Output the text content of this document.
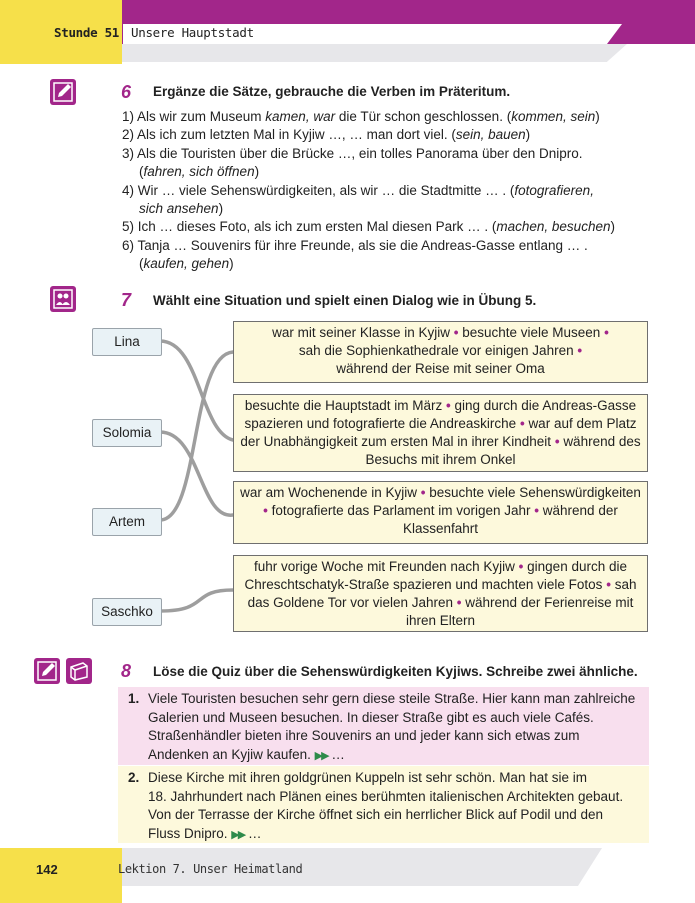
Stunde 51 Unsere Hauptstadt
6 Ergänze die Sätze, gebrauche die Verben im Präteritum.
1) Als wir zum Museum kamen, war die Tür schon geschlossen. (kommen, sein)
2) Als ich zum letzten Mal in Kyjiw …, … man dort viel. (sein, bauen)
3) Als die Touristen über die Brücke …, ein tolles Panorama über den Dnipro.
(fahren, sich öffnen)
4) Wir … viele Sehenswürdigkeiten, als wir … die Stadtmitte … . (fotografieren,
sich ansehen)
5) Ich … dieses Foto, als ich zum ersten Mal diesen Park … . (machen, besuchen)
6) Tanja … Souvenirs für ihre Freunde, als sie die Andreas-Gasse entlang … .
(kaufen, gehen)
7 Wählt eine Situation und spielt einen Dialog wie in Übung 5.
Lina
Solomia
Artem
Saschko
war mit seiner Klasse in Kyjiw • besuchte viele Museen •
sah die Sophienkathedrale vor einigen Jahren •
während der Reise mit seiner Oma
besuchte die Hauptstadt im März • ging durch die Andreas-Gasse spazieren und fotografierte die Andreaskirche • war auf dem Platz der Unabhängigkeit zum ersten Mal in ihrer Kindheit • während des Besuchs mit ihrem Onkel
war am Wochenende in Kyjiw • besuchte viele Sehenswürdigkeiten • fotografierte das Parlament im vorigen Jahr • während der Klassenfahrt
fuhr vorige Woche mit Freunden nach Kyjiw • gingen durch die Chreschtschatyk-Straße spazieren und machten viele Fotos • sah das Goldene Tor vor vielen Jahren • während der Ferienreise mit ihren Eltern
8 Löse die Quiz über die Sehenswürdigkeiten Kyjiws. Schreibe zwei ähnliche.
1. Viele Touristen besuchen sehr gern diese steile Straße. Hier kann man zahlreiche
Galerien und Museen besuchen. In dieser Straße gibt es auch viele Cafés.
Straßenhändler bieten ihre Souvenirs an und jeder kann sich etwas zum
Andenken an Kyjiw kaufen. ▶▶ …
2. Diese Kirche mit ihren goldgrünen Kuppeln ist sehr schön. Man hat sie im
18. Jahrhundert nach Plänen eines berühmten italienischen Architekten gebaut.
Von der Terrasse der Kirche öffnet sich ein herrlicher Blick auf Podil und den
Fluss Dnipro. ▶▶ …
142	Lektion 7. Unser Heimatland
